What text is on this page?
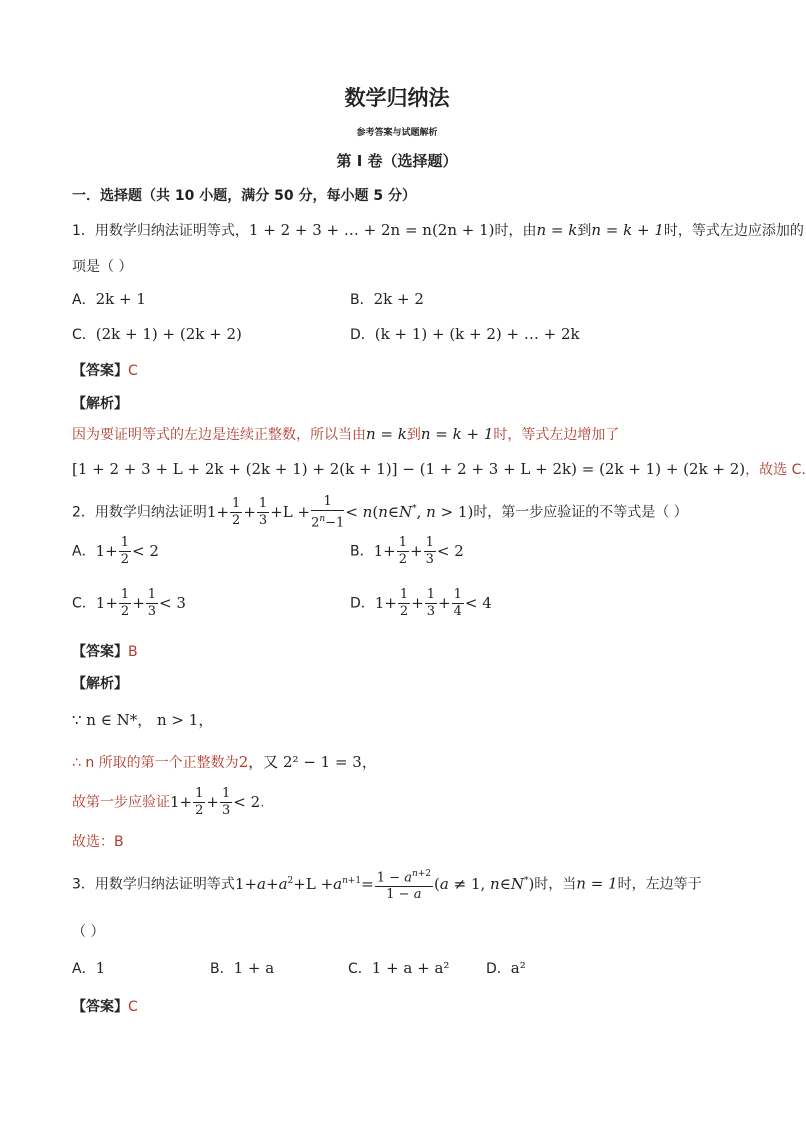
数学归纳法
参考答案与试题解析
第 I 卷（选择题）
一．选择题（共 10 小题，满分 50 分，每小题 5 分）
1．用数学归纳法证明等式，1 + 2 + 3 + … + 2n = n(2n + 1)时，由n = k到n = k + 1时，等式左边应添加的
项是（ ）
A．2k + 1	B．2k + 2
C．(2k + 1) + (2k + 2)	D．(k + 1) + (k + 2) + … + 2k
【答案】C
【解析】
因为要证明等式的左边是连续正整数，所以当由n = k到n = k + 1时，等式左边增加了
[1 + 2 + 3 + L + 2k + (2k + 1) + 2(k + 1)] − (1 + 2 + 3 + L + 2k) = (2k + 1) + (2k + 2)，故选 C.
2．用数学归纳法证明$1+ \frac{1}{2} + \frac{1}{3} +L + \frac{1}{2^n-1}$ < n(n∈N*, n > 1)时，第一步应验证的不等式是（ ）
A．$1+ \frac{1}{2} < 2$	B．$1+ \frac{1}{2} + \frac{1}{3} < 2$
C．$1+ \frac{1}{2} + \frac{1}{3} < 3$	D．$1+ \frac{1}{2} + \frac{1}{3} + \frac{1}{4} < 4$
【答案】B
【解析】
∵ n ∈ N*， n > 1，
∴ n 所取的第一个正整数为2，又 2² − 1 = 3，
故第一步应验证$1+ \frac{1}{2} + \frac{1}{3} < 2$.
故选：B
3．用数学归纳法证明等式$1+a+a^2+L +a^{n+1}= \frac{1 - a^{n+2}}{1 - a} (a \ne 1$, n∈N*)时，当n = 1时，左边等于
（ ）
A．1	B．1 + a	C．1 + a + a²	D．a²
【答案】C
